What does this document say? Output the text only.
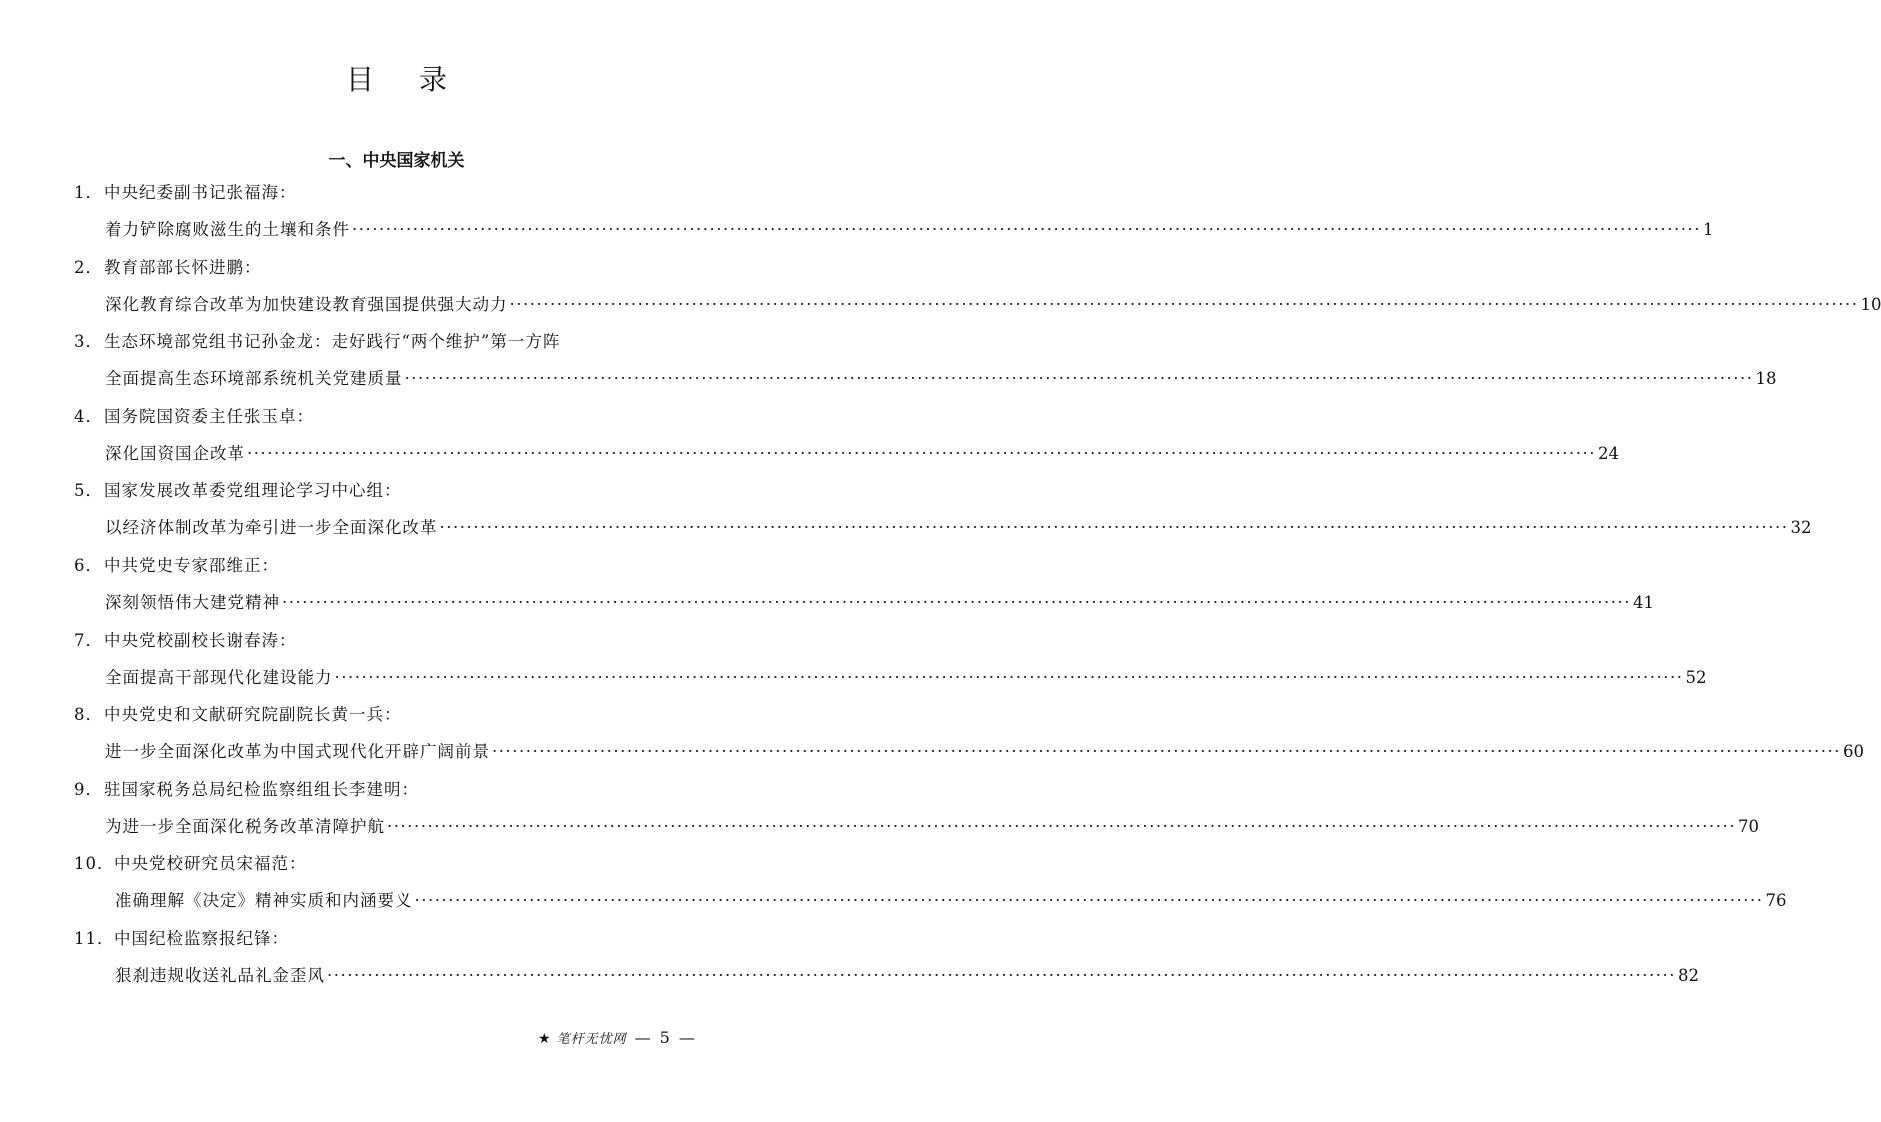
目 录
一、中央国家机关
1．中央纪委副书记张福海：
着力铲除腐败滋生的土壤和条件 ········································································································································································································ 1
2．教育部部长怀进鹏：
深化教育综合改革为加快建设教育强国提供强大动力 ········································································································································································································ 10
3．生态环境部党组书记孙金龙：走好践行“两个维护”第一方阵
全面提高生态环境部系统机关党建质量 ········································································································································································································ 18
4．国务院国资委主任张玉卓：
深化国资国企改革 ········································································································································································································ 24
5．国家发展改革委党组理论学习中心组：
以经济体制改革为牵引进一步全面深化改革 ········································································································································································································ 32
6．中共党史专家邵维正：
深刻领悟伟大建党精神 ········································································································································································································ 41
7．中央党校副校长谢春涛：
全面提高干部现代化建设能力 ········································································································································································································ 52
8．中央党史和文献研究院副院长黄一兵：
进一步全面深化改革为中国式现代化开辟广阔前景 ········································································································································································································ 60
9．驻国家税务总局纪检监察组组长李建明：
为进一步全面深化税务改革清障护航 ········································································································································································································ 70
10．中央党校研究员宋福范：
准确理解《决定》精神实质和内涵要义 ········································································································································································································ 76
11．中国纪检监察报纪锋：
狠刹违规收送礼品礼金歪风 ········································································································································································································ 82
★ 笔杆无忧网 — 5 —
